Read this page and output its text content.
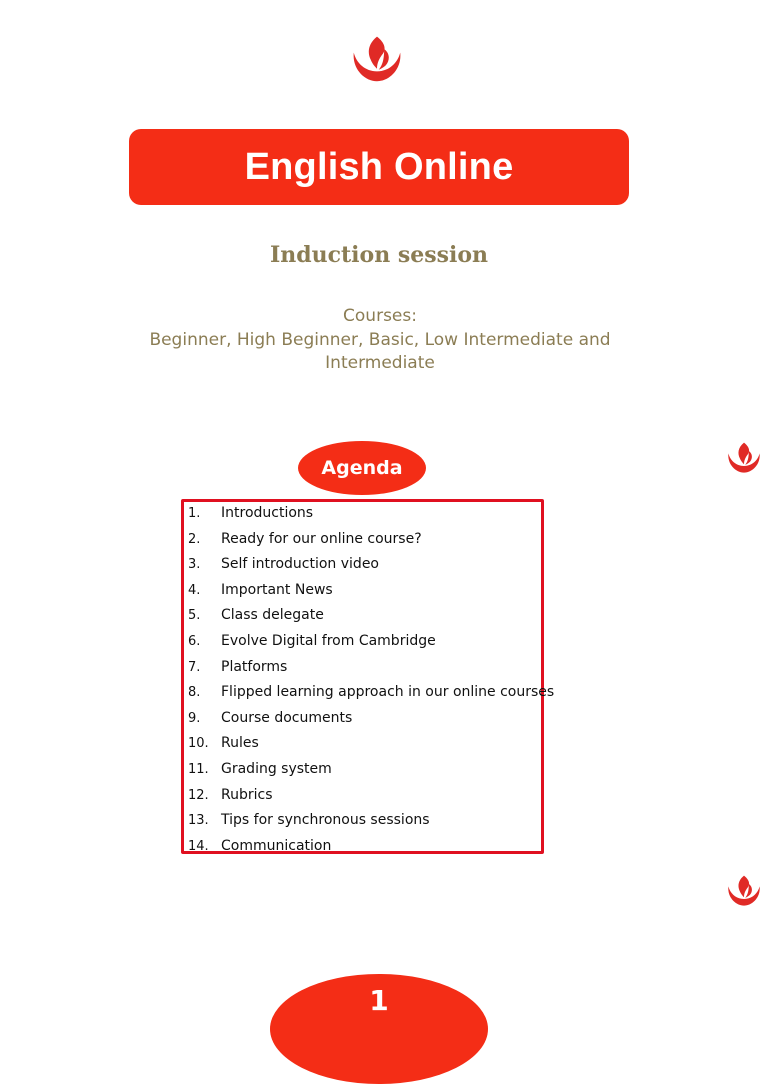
English Online
Induction session
Courses:
Beginner, High Beginner, Basic, Low Intermediate and
Intermediate
Agenda
1. Introductions
2. Ready for our online course?
3. Self introduction video
4. Important News
5. Class delegate
6. Evolve Digital from Cambridge
7. Platforms
8. Flipped learning approach in our online courses
9. Course documents
10. Rules
11. Grading system
12. Rubrics
13. Tips for synchronous sessions
14. Communication
1
